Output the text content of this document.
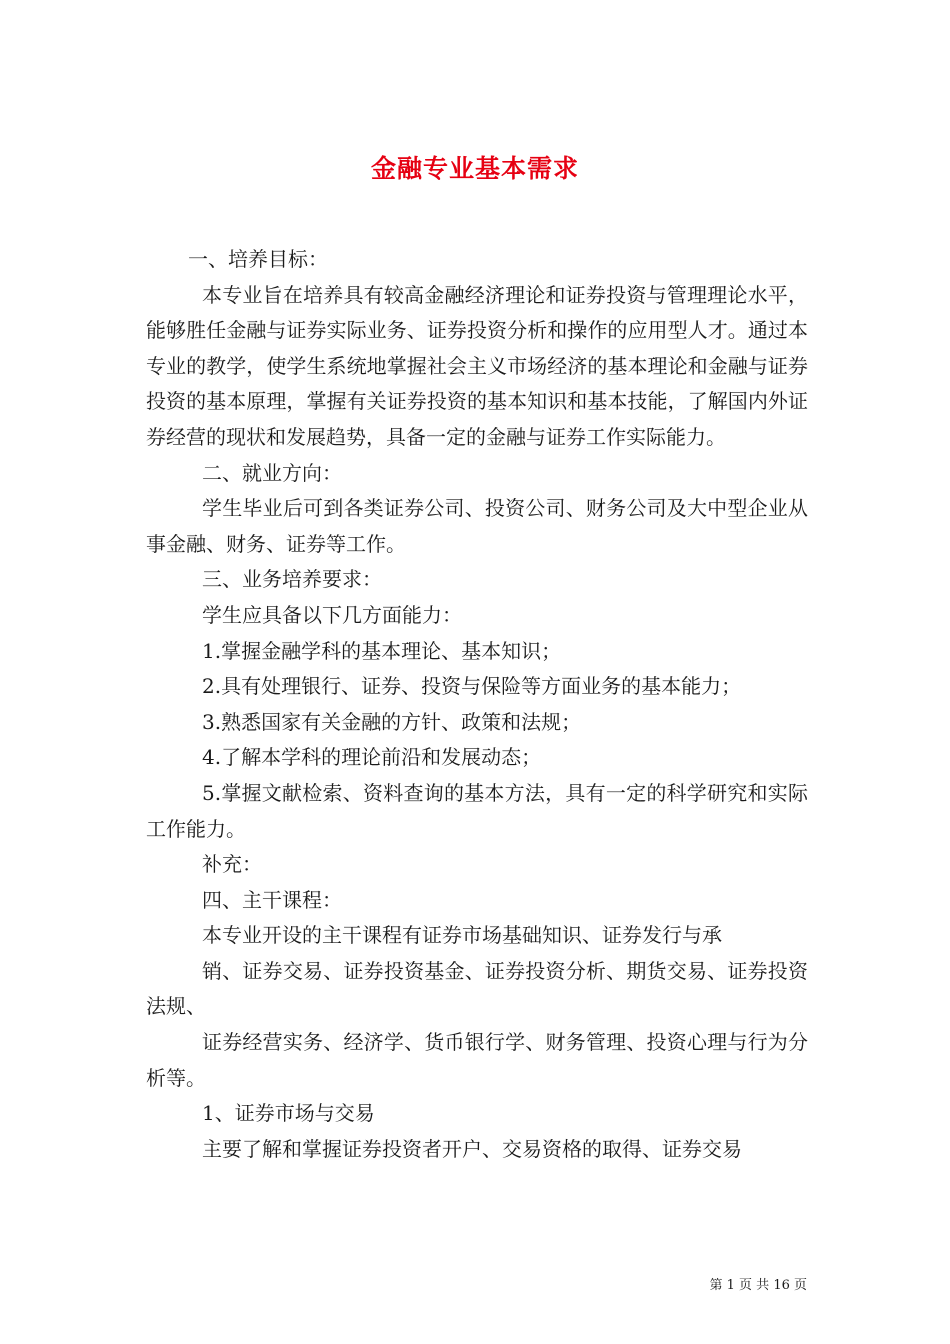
金融专业基本需求

一、培养目标：

本专业旨在培养具有较高金融经济理论和证券投资与管理理论水平，能够胜任金融与证券实际业务、证券投资分析和操作的应用型人才。通过本专业的教学，使学生系统地掌握社会主义市场经济的基本理论和金融与证券投资的基本原理，掌握有关证券投资的基本知识和基本技能，了解国内外证券经营的现状和发展趋势，具备一定的金融与证券工作实际能力。

二、就业方向：

学生毕业后可到各类证券公司、投资公司、财务公司及大中型企业从事金融、财务、证券等工作。

三、业务培养要求：

学生应具备以下几方面能力：

1.掌握金融学科的基本理论、基本知识；

2.具有处理银行、证券、投资与保险等方面业务的基本能力；

3.熟悉国家有关金融的方针、政策和法规；

4.了解本学科的理论前沿和发展动态；

5.掌握文献检索、资料查询的基本方法，具有一定的科学研究和实际工作能力。

补充：

四、主干课程：

本专业开设的主干课程有证券市场基础知识、证券发行与承

销、证券交易、证券投资基金、证券投资分析、期货交易、证券投资法规、

证券经营实务、经济学、货币银行学、财务管理、投资心理与行为分析等。

1、证券市场与交易

主要了解和掌握证券投资者开户、交易资格的取得、证券交易

第 1 页 共 16 页
